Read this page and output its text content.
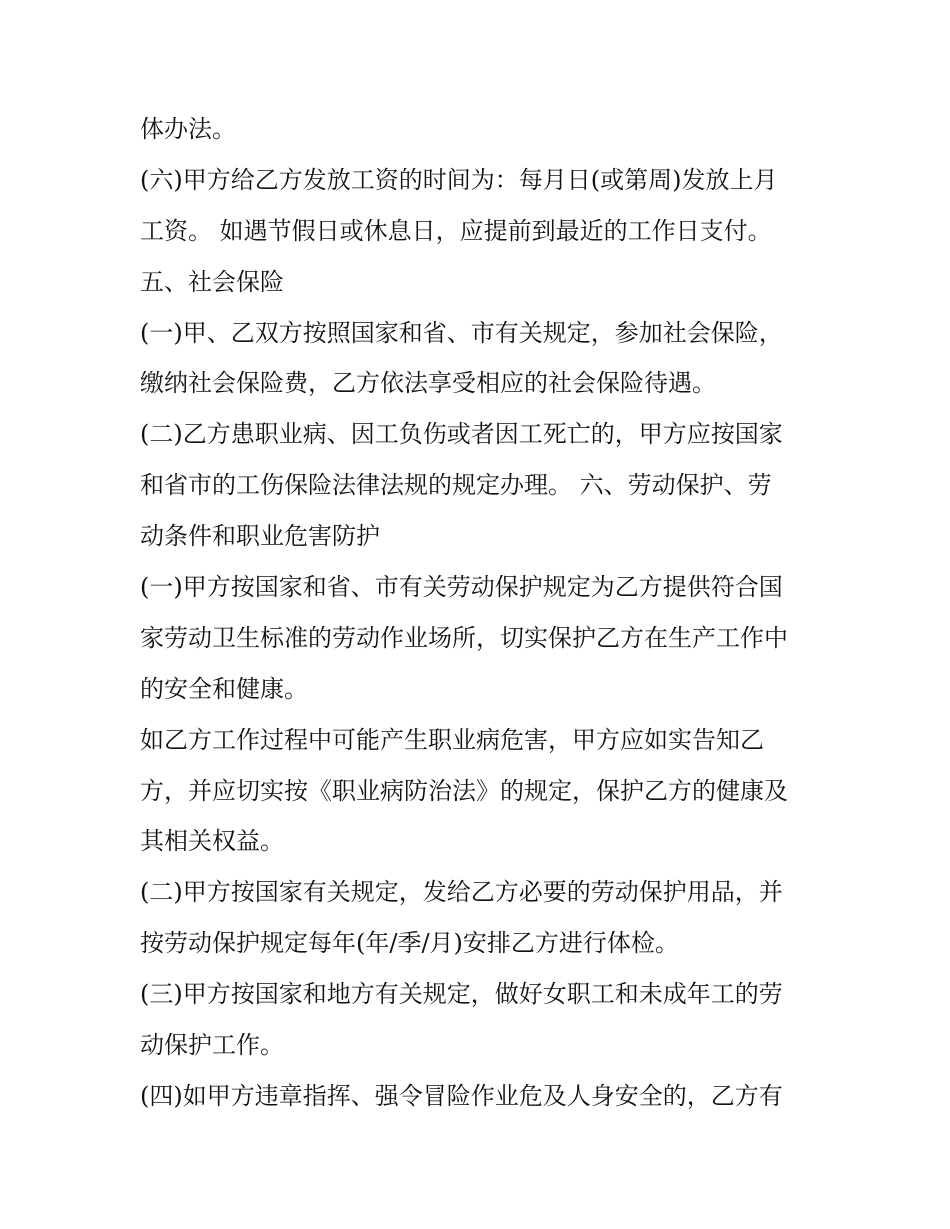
体办法。
(六)甲方给乙方发放工资的时间为：每月日(或第周)发放上月
工资。 如遇节假日或休息日，应提前到最近的工作日支付。
五、社会保险
(一)甲、乙双方按照国家和省、市有关规定，参加社会保险，
缴纳社会保险费，乙方依法享受相应的社会保险待遇。
(二)乙方患职业病、因工负伤或者因工死亡的，甲方应按国家
和省市的工伤保险法律法规的规定办理。 六、劳动保护、劳
动条件和职业危害防护
(一)甲方按国家和省、市有关劳动保护规定为乙方提供符合国
家劳动卫生标准的劳动作业场所，切实保护乙方在生产工作中
的安全和健康。
如乙方工作过程中可能产生职业病危害，甲方应如实告知乙
方，并应切实按《职业病防治法》的规定，保护乙方的健康及
其相关权益。
(二)甲方按国家有关规定，发给乙方必要的劳动保护用品，并
按劳动保护规定每年(年/季/月)安排乙方进行体检。
(三)甲方按国家和地方有关规定，做好女职工和未成年工的劳
动保护工作。
(四)如甲方违章指挥、强令冒险作业危及人身安全的，乙方有
